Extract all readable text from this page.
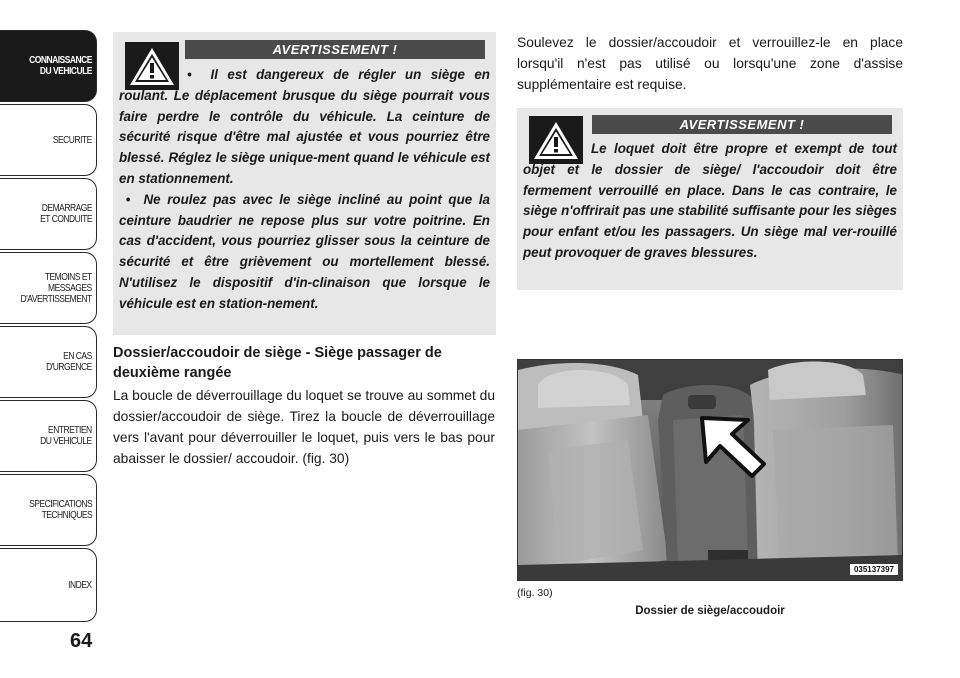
CONNAISSANCE
DU VEHICULE
SECURITE
DEMARRAGE
ET CONDUITE
TEMOINS ET
MESSAGES
D'AVERTISSEMENT
EN CAS
D'URGENCE
ENTRETIEN
DU VEHICULE
SPECIFICATIONS
TECHNIQUES
INDEX
64
AVERTISSEMENT !

•  Il est dangereux de régler un siège en roulant. Le déplacement brusque du siège pourrait vous faire perdre le contrôle du véhicule. La ceinture de sécurité risque d'être mal ajustée et vous pourriez être blessé. Réglez le siège unique-ment quand le véhicule est en stationnement.

•  Ne roulez pas avec le siège incliné au point que la ceinture baudrier ne repose plus sur votre poitrine. En cas d'accident, vous pourriez glisser sous la ceinture de sécurité et être grièvement ou mortellement blessé. N'utilisez le dispositif d'in-clinaison que lorsque le véhicule est en station-nement.

Dossier/accoudoir de siège - Siège passager de deuxième rangée
La boucle de déverrouillage du loquet se trouve au sommet du dossier/accoudoir de siège. Tirez la boucle de déverrouillage vers l'avant pour déverrouiller le loquet, puis vers le bas pour abaisser le dossier/ accoudoir. (fig. 30)
Soulevez le dossier/accoudoir et verrouillez-le en place lorsqu'il n'est pas utilisé ou lorsqu'une zone d'assise supplémentaire est requise.
AVERTISSEMENT !

Le loquet doit être propre et exempt de tout objet et le dossier de siège/ l'accoudoir doit être fermement verrouillé en place. Dans le cas contraire, le siège n'offrirait pas une stabilité suffisante pour les sièges pour enfant et/ou les passagers. Un siège mal ver-rouillé peut provoquer de graves blessures.

035137397
(fig. 30)
Dossier de siège/accoudoir
